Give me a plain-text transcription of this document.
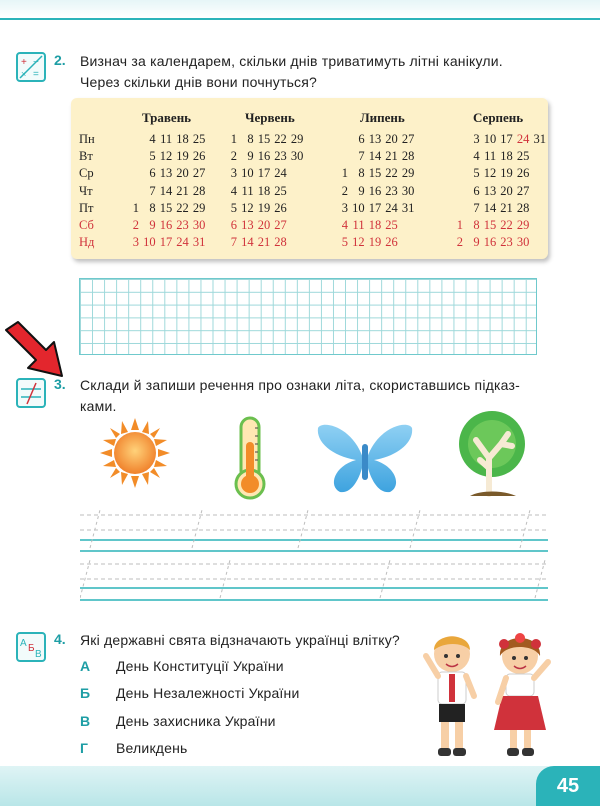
+ −
× =
2. Визнач за календарем, скільки днів триватимуть літні канікули.
Через скільки днів вони почнуться?
Пн
Вт
Ср
Чт
Пт
Сб
Нд
Травень
4 11 18 25
5 12 19 26
6 13 20 27
7 14 21 28
1 8 15 22 29
2 9 16 23 30
3 10 17 24 31
Червень
1 8 15 22 29
2 9 16 23 30
3 10 17 24
4 11 18 25
5 12 19 26
6 13 20 27
7 14 21 28
Липень
6 13 20 27
7 14 21 28
1 8 15 22 29
2 9 16 23 30
3 10 17 24 31
4 11 18 25
5 12 19 26
Серпень
3 10 17 24 31
4 11 18 25
5 12 19 26
6 13 20 27
7 14 21 28
1 8 15 22 29
2 9 16 23 30
3. Склади й запиши речення про ознаки літа, скориставшись підказ-
ками.
А Б
В
4. Які державні свята відзначають українці влітку?
А День Конституції України
Б День Незалежності України
В День захисника України
Г Великдень
45
